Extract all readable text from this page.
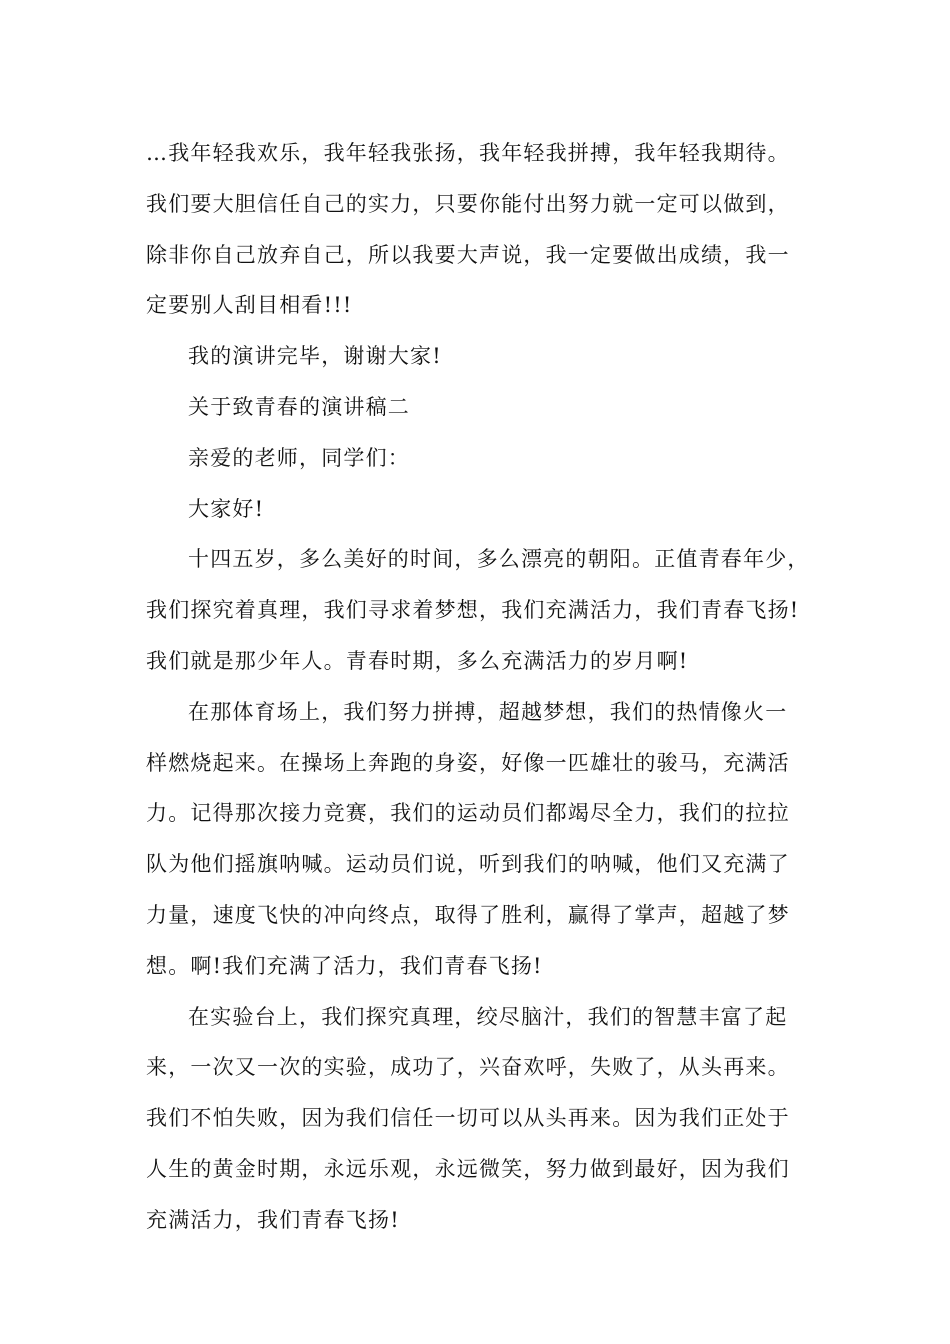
…我年轻我欢乐，我年轻我张扬，我年轻我拼搏，我年轻我期待。
我们要大胆信任自己的实力，只要你能付出努力就一定可以做到，
除非你自己放弃自己，所以我要大声说，我一定要做出成绩，我一
定要别人刮目相看!!!

我的演讲完毕，谢谢大家!

关于致青春的演讲稿二

亲爱的老师，同学们：

大家好!

十四五岁，多么美好的时间，多么漂亮的朝阳。正值青春年少，
我们探究着真理，我们寻求着梦想，我们充满活力，我们青春飞扬!
我们就是那少年人。青春时期，多么充满活力的岁月啊!

在那体育场上，我们努力拼搏，超越梦想，我们的热情像火一
样燃烧起来。在操场上奔跑的身姿，好像一匹雄壮的骏马，充满活
力。记得那次接力竞赛，我们的运动员们都竭尽全力，我们的拉拉
队为他们摇旗呐喊。运动员们说，听到我们的呐喊，他们又充满了
力量，速度飞快的冲向终点，取得了胜利，赢得了掌声，超越了梦
想。啊!我们充满了活力，我们青春飞扬!

在实验台上，我们探究真理，绞尽脑汁，我们的智慧丰富了起
来，一次又一次的实验，成功了，兴奋欢呼，失败了，从头再来。
我们不怕失败，因为我们信任一切可以从头再来。因为我们正处于
人生的黄金时期，永远乐观，永远微笑，努力做到最好，因为我们
充满活力，我们青春飞扬!
